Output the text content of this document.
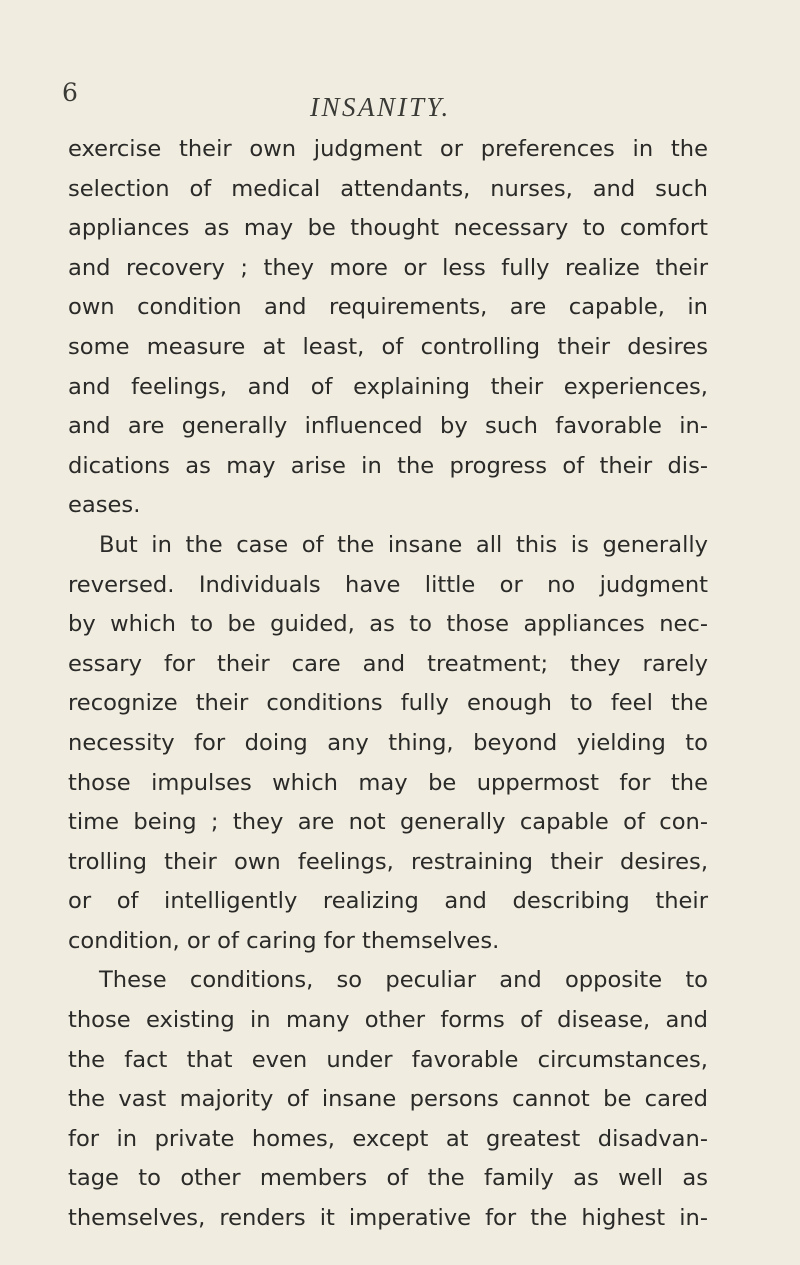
6	INSANITY.
exercise their own judgment or preferences in the
selection of medical attendants, nurses, and such
appliances as may be thought necessary to comfort
and recovery ; they more or less fully realize their
own condition and requirements, are capable, in
some measure at least, of controlling their desires
and feelings, and of explaining their experiences,
and are generally influenced by such favorable in-
dications as may arise in the progress of their dis-
eases.
But in the case of the insane all this is generally
reversed. Individuals have little or no judgment
by which to be guided, as to those appliances nec-
essary for their care and treatment; they rarely
recognize their conditions fully enough to feel the
necessity for doing any thing, beyond yielding to
those impulses which may be uppermost for the
time being ; they are not generally capable of con-
trolling their own feelings, restraining their desires,
or of intelligently realizing and describing their
condition, or of caring for themselves.
These conditions, so peculiar and opposite to
those existing in many other forms of disease, and
the fact that even under favorable circumstances,
the vast majority of insane persons cannot be cared
for in private homes, except at greatest disadvan-
tage to other members of the family as well as
themselves, renders it imperative for the highest in-
